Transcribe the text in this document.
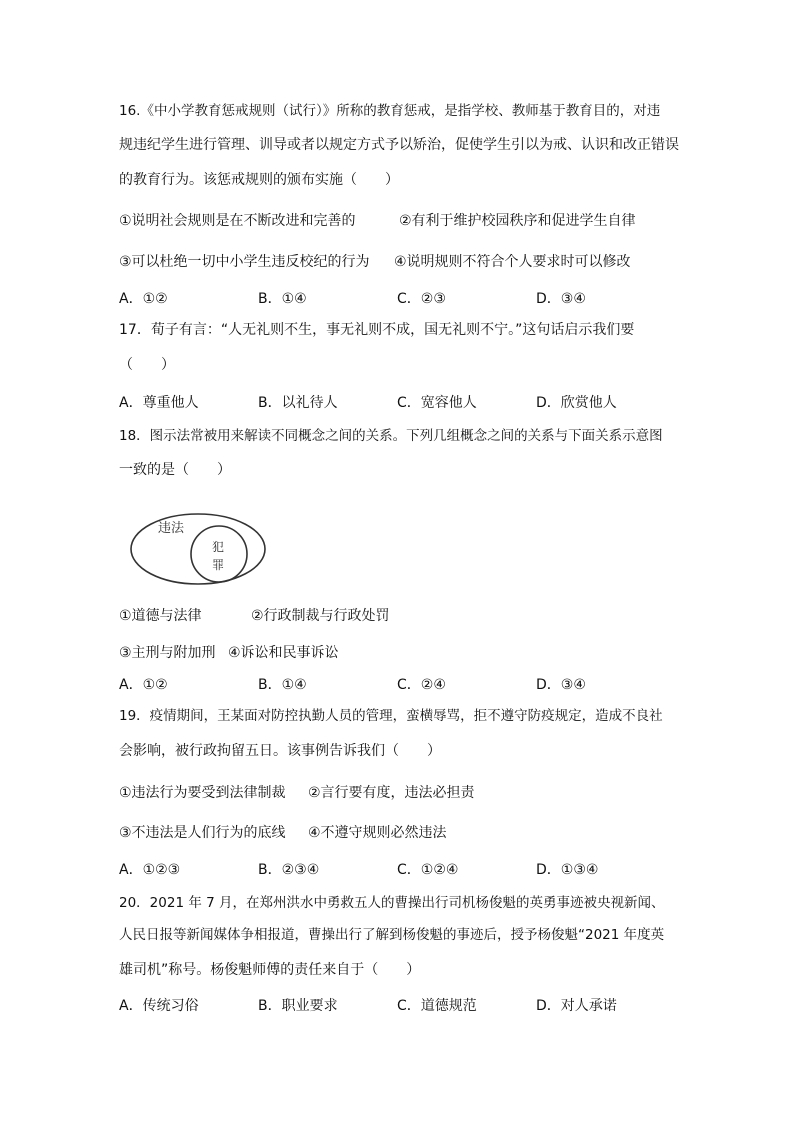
16.《中小学教育惩戒规则（试行）》所称的教育惩戒，是指学校、教师基于教育目的，对违
规违纪学生进行管理、训导或者以规定方式予以矫治，促使学生引以为戒、认识和改正错误
的教育行为。该惩戒规则的颁布实施（　　）
①说明社会规则是在不断改进和完善的	②有利于维护校园秩序和促进学生自律
③可以杜绝一切中小学生违反校纪的行为 ④说明规则不符合个人要求时可以修改
A．①②	B．①④	C．②③	D．③④
17．荀子有言：“人无礼则不生，事无礼则不成，国无礼则不宁。”这句话启示我们要
（　　）
A．尊重他人	B．以礼待人	C．宽容他人	D．欣赏他人
18．图示法常被用来解读不同概念之间的关系。下列几组概念之间的关系与下面关系示意图
一致的是（　　）
违法
犯
罪
①道德与法律	②行政制裁与行政处罚
③主刑与附加刑 ④诉讼和民事诉讼
A．①②	B．①④	C．②④	D．③④
19．疫情期间，王某面对防控执勤人员的管理，蛮横辱骂，拒不遵守防疫规定，造成不良社
会影响，被行政拘留五日。该事例告诉我们（　　）
①违法行为要受到法律制裁 ②言行要有度，违法必担责
③不违法是人们行为的底线 ④不遵守规则必然违法
A．①②③	B．②③④	C．①②④	D．①③④
20．2021 年 7 月，在郑州洪水中勇救五人的曹操出行司机杨俊魁的英勇事迹被央视新闻、
人民日报等新闻媒体争相报道，曹操出行了解到杨俊魁的事迹后，授予杨俊魁“2021 年度英
雄司机”称号。杨俊魁师傅的责任来自于（　　）
A．传统习俗	B．职业要求	C．道德规范	D．对人承诺
